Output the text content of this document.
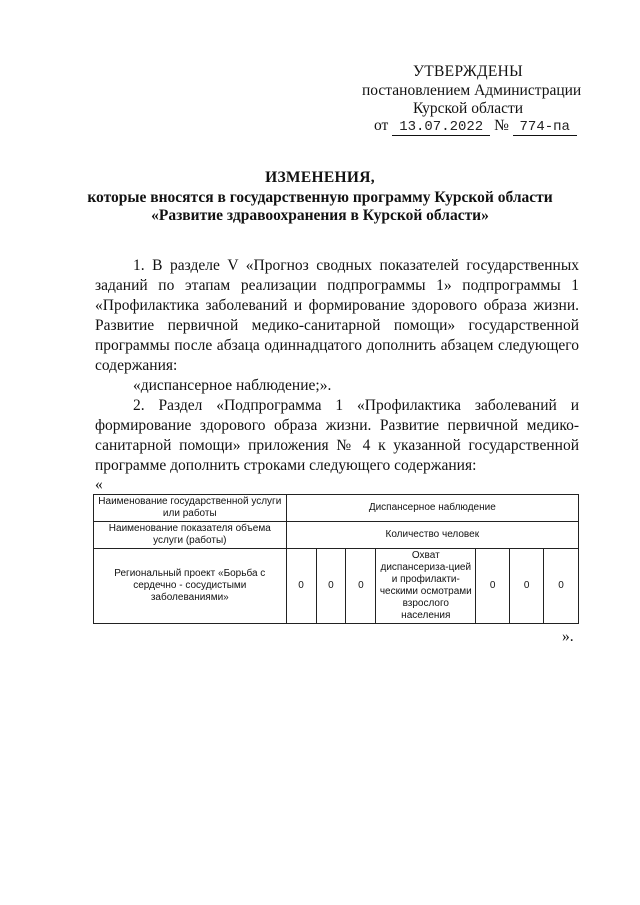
УТВЕРЖДЕНЫ
постановлением Администрации
Курской области
от 13.07.2022 № 774-па
ИЗМЕНЕНИЯ,
которые вносятся в государственную программу Курской области
«Развитие здравоохранения в Курской области»

1. В разделе V «Прогноз сводных показателей государственных заданий по этапам реализации подпрограммы 1» подпрограммы 1 «Профилактика заболеваний и формирование здорового образа жизни. Развитие первичной медико-санитарной помощи» государственной программы после абзаца одиннадцатого дополнить абзацем следующего содержания:

«диспансерное наблюдение;».

2. Раздел «Подпрограмма 1 «Профилактика заболеваний и формирование здорового образа жизни. Развитие первичной медико-санитарной помощи» приложения № 4 к указанной государственной программе дополнить строками следующего содержания:

«
Наименование государственной услуги или работы	Диспансерное наблюдение						
Наименование показателя объема услуги (работы)	Количество человек						
Региональный проект «Борьба с сердечно - сосудистыми заболеваниями»	0	0	0	Охват диспансериза-цией и профилакти-ческими осмотрами взрослого населения	0	0	0
».
